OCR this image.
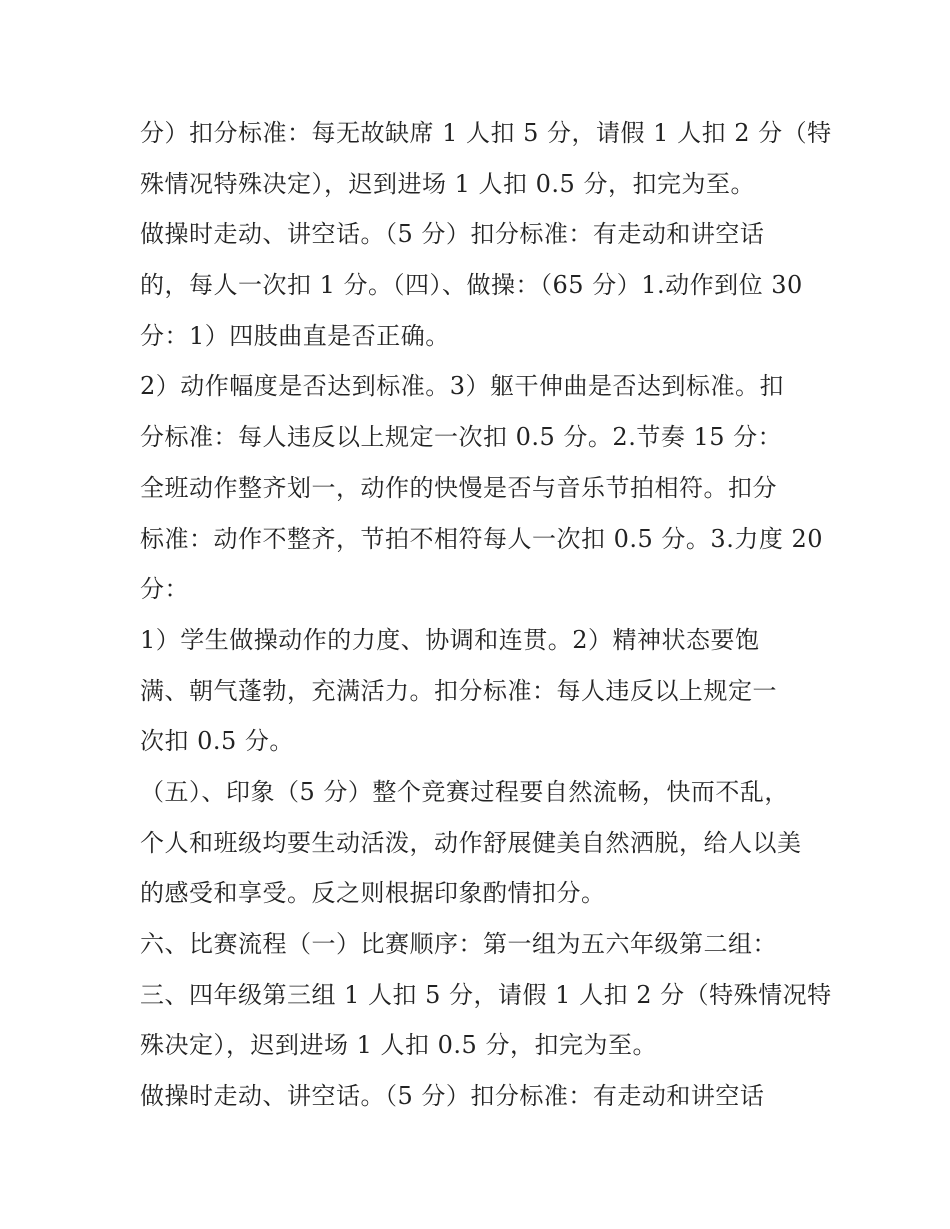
分）扣分标准：每无故缺席 1 人扣 5 分，请假 1 人扣 2 分（特
殊情况特殊决定），迟到进场 1 人扣 0.5 分，扣完为至。
做操时走动、讲空话。（5 分）扣分标准：有走动和讲空话
的，每人一次扣 1 分。（四）、做操：（65 分）1.动作到位 30
分：1）四肢曲直是否正确。
2）动作幅度是否达到标准。3）躯干伸曲是否达到标准。扣
分标准：每人违反以上规定一次扣 0.5 分。2.节奏 15 分：
全班动作整齐划一，动作的快慢是否与音乐节拍相符。扣分
标准：动作不整齐，节拍不相符每人一次扣 0.5 分。3.力度 20
分：
1）学生做操动作的力度、协调和连贯。2）精神状态要饱
满、朝气蓬勃，充满活力。扣分标准：每人违反以上规定一
次扣 0.5 分。
（五）、印象（5 分）整个竞赛过程要自然流畅，快而不乱，
个人和班级均要生动活泼，动作舒展健美自然洒脱，给人以美
的感受和享受。反之则根据印象酌情扣分。
六、比赛流程（一）比赛顺序：第一组为五六年级第二组：
三、四年级第三组 1 人扣 5 分，请假 1 人扣 2 分（特殊情况特
殊决定），迟到进场 1 人扣 0.5 分，扣完为至。
做操时走动、讲空话。（5 分）扣分标准：有走动和讲空话
